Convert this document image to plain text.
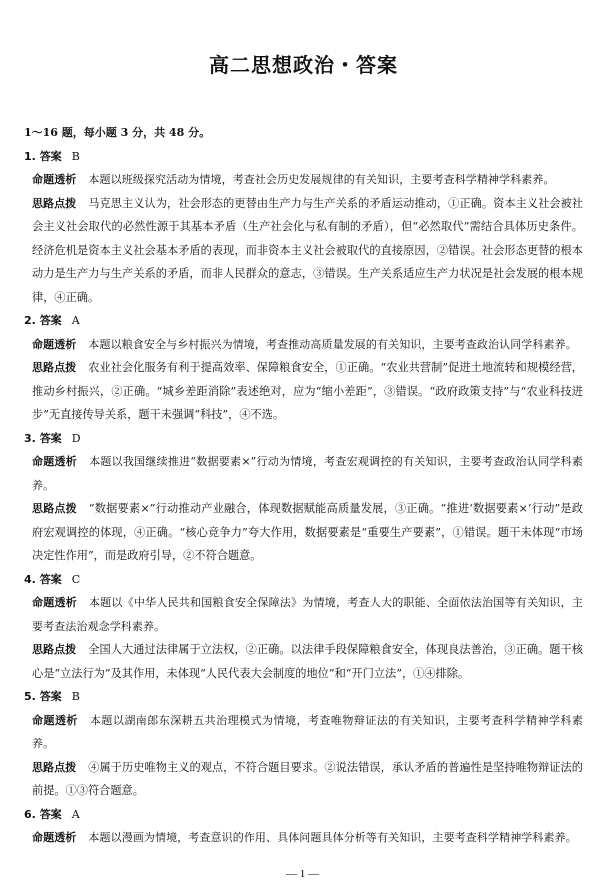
高二思想政治・答案
1～16 题，每小题 3 分，共 48 分。
1. 答案 B

命题透析 本题以班级探究活动为情境，考查社会历史发展规律的有关知识，主要考查科学精神学科素养。

思路点拨 马克思主义认为，社会形态的更替由生产力与生产关系的矛盾运动推动，①正确。资本主义社会被社会主义社会取代的必然性源于其基本矛盾（生产社会化与私有制的矛盾），但“必然取代”需结合具体历史条件。经济危机是资本主义社会基本矛盾的表现，而非资本主义社会被取代的直接原因，②错误。社会形态更替的根本动力是生产力与生产关系的矛盾，而非人民群众的意志，③错误。生产关系适应生产力状况是社会发展的根本规律，④正确。

2. 答案 A

命题透析 本题以粮食安全与乡村振兴为情境，考查推动高质量发展的有关知识，主要考查政治认同学科素养。

思路点拨 农业社会化服务有利于提高效率、保障粮食安全，①正确。“农业共营制”促进土地流转和规模经营，推动乡村振兴，②正确。“城乡差距消除”表述绝对，应为“缩小差距”，③错误。“政府政策支持”与“农业科技进步”无直接传导关系，题干未强调“科技”，④不选。

3. 答案 D

命题透析 本题以我国继续推进“数据要素×”行动为情境，考查宏观调控的有关知识，主要考查政治认同学科素养。

思路点拨 “数据要素×”行动推动产业融合，体现数据赋能高质量发展，③正确。“推进‘数据要素×’行动”是政府宏观调控的体现，④正确。“核心竞争力”夸大作用，数据要素是“重要生产要素”，①错误。题干未体现“市场决定性作用”，而是政府引导，②不符合题意。

4. 答案 C

命题透析 本题以《中华人民共和国粮食安全保障法》为情境，考查人大的职能、全面依法治国等有关知识，主要考查法治观念学科素养。

思路点拨 全国人大通过法律属于立法权，②正确。以法律手段保障粮食安全，体现良法善治，③正确。题干核心是“立法行为”及其作用，未体现“人民代表大会制度的地位”和“开门立法”，①④排除。

5. 答案 B

命题透析 本题以湖南郎东深耕五共治理模式为情境，考查唯物辩证法的有关知识，主要考查科学精神学科素养。

思路点拨 ④属于历史唯物主义的观点，不符合题目要求。②说法错误，承认矛盾的普遍性是坚持唯物辩证法的前提。①③符合题意。

6. 答案 A

命题透析 本题以漫画为情境，考查意识的作用、具体问题具体分析等有关知识，主要考查科学精神学科素养。

— 1 —
